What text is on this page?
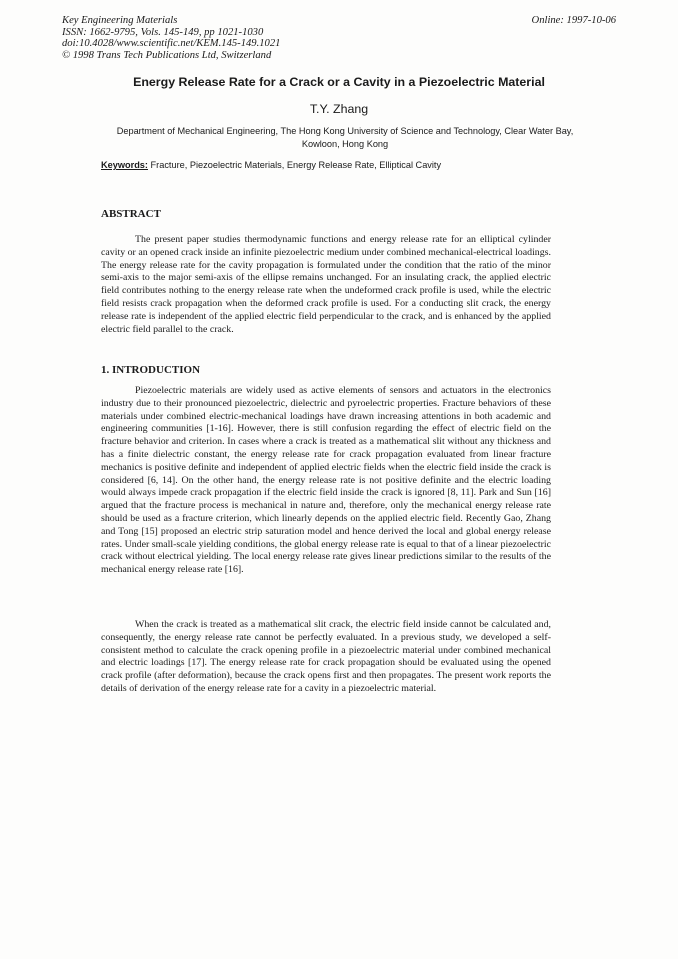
Key Engineering Materials
ISSN: 1662-9795, Vols. 145-149, pp 1021-1030
doi:10.4028/www.scientific.net/KEM.145-149.1021
© 1998 Trans Tech Publications Ltd, Switzerland
Online: 1997-10-06
Energy Release Rate for a Crack or a Cavity in a Piezoelectric Material
T.Y. Zhang
Department of Mechanical Engineering, The Hong Kong University of Science and Technology, Clear Water Bay, Kowloon, Hong Kong
Keywords: Fracture, Piezoelectric Materials, Energy Release Rate, Elliptical Cavity
ABSTRACT

The present paper studies thermodynamic functions and energy release rate for an elliptical cylinder cavity or an opened crack inside an infinite piezoelectric medium under combined mechanical-electrical loadings. The energy release rate for the cavity propagation is formulated under the condition that the ratio of the minor semi-axis to the major semi-axis of the ellipse remains unchanged. For an insulating crack, the applied electric field contributes nothing to the energy release rate when the undeformed crack profile is used, while the electric field resists crack propagation when the deformed crack profile is used. For a conducting slit crack, the energy release rate is independent of the applied electric field perpendicular to the crack, and is enhanced by the applied electric field parallel to the crack.

1. INTRODUCTION

Piezoelectric materials are widely used as active elements of sensors and actuators in the electronics industry due to their pronounced piezoelectric, dielectric and pyroelectric properties. Fracture behaviors of these materials under combined electric-mechanical loadings have drawn increasing attentions in both academic and engineering communities [1-16]. However, there is still confusion regarding the effect of electric field on the fracture behavior and criterion. In cases where a crack is treated as a mathematical slit without any thickness and has a finite dielectric constant, the energy release rate for crack propagation evaluated from linear fracture mechanics is positive definite and independent of applied electric fields when the electric field inside the crack is considered [6, 14]. On the other hand, the energy release rate is not positive definite and the electric loading would always impede crack propagation if the electric field inside the crack is ignored [8, 11]. Park and Sun [16] argued that the fracture process is mechanical in nature and, therefore, only the mechanical energy release rate should be used as a fracture criterion, which linearly depends on the applied electric field. Recently Gao, Zhang and Tong [15] proposed an electric strip saturation model and hence derived the local and global energy release rates. Under small-scale yielding conditions, the global energy release rate is equal to that of a linear piezoelectric crack without electrical yielding. The local energy release rate gives linear predictions similar to the results of the mechanical energy release rate [16].

When the crack is treated as a mathematical slit crack, the electric field inside cannot be calculated and, consequently, the energy release rate cannot be perfectly evaluated. In a previous study, we developed a self-consistent method to calculate the crack opening profile in a piezoelectric material under combined mechanical and electric loadings [17]. The energy release rate for crack propagation should be evaluated using the opened crack profile (after deformation), because the crack opens first and then propagates. The present work reports the details of derivation of the energy release rate for a cavity in a piezoelectric material.
